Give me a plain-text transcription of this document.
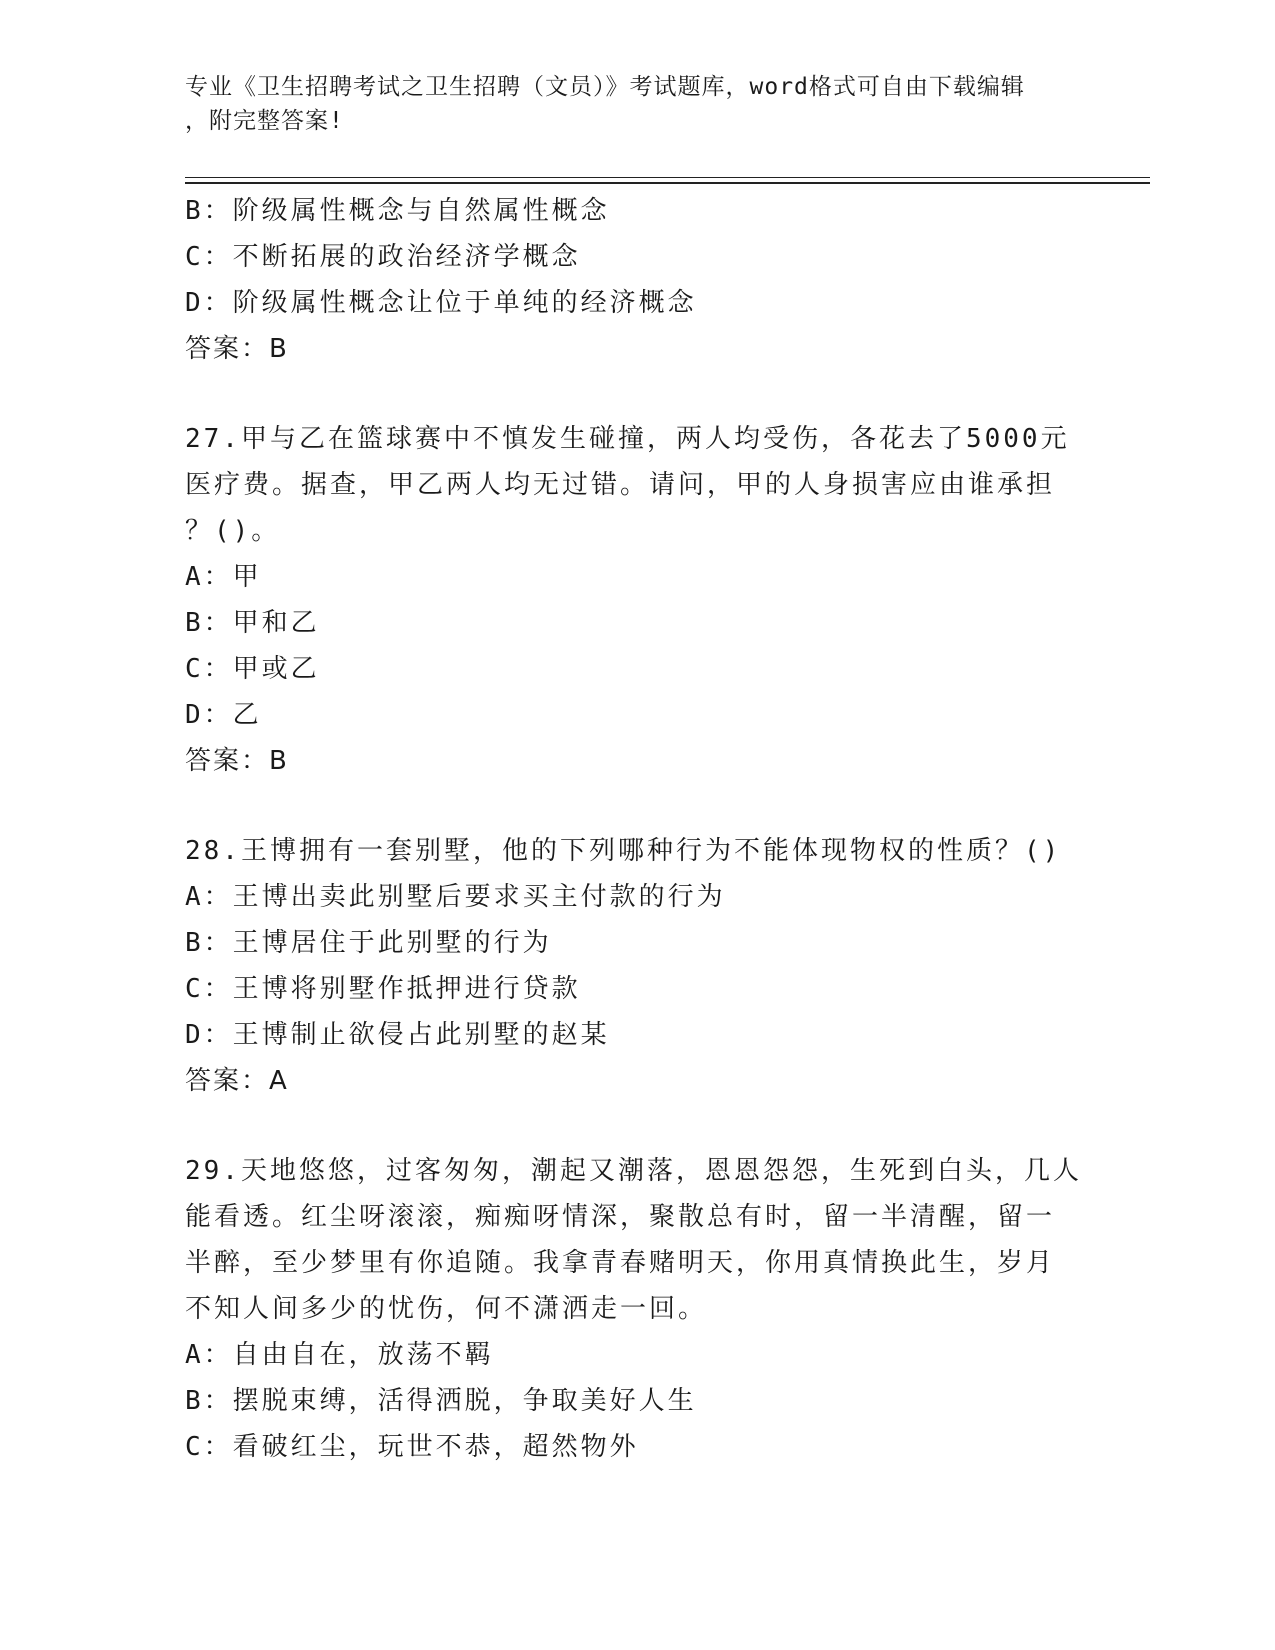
专业《卫生招聘考试之卫生招聘（文员）》考试题库，word格式可自由下载编辑
，附完整答案!
B：阶级属性概念与自然属性概念
C：不断拓展的政治经济学概念
D：阶级属性概念让位于单纯的经济概念
答案：B
27.甲与乙在篮球赛中不慎发生碰撞，两人均受伤，各花去了5000元
医疗费。据查，甲乙两人均无过错。请问，甲的人身损害应由谁承担
？()。
A：甲
B：甲和乙
C：甲或乙
D：乙
答案：B
28.王博拥有一套别墅，他的下列哪种行为不能体现物权的性质？()
A：王博出卖此别墅后要求买主付款的行为
B：王博居住于此别墅的行为
C：王博将别墅作抵押进行贷款
D：王博制止欲侵占此别墅的赵某
答案：A
29.天地悠悠，过客匆匆，潮起又潮落，恩恩怨怨，生死到白头，几人
能看透。红尘呀滚滚，痴痴呀情深，聚散总有时，留一半清醒，留一
半醉，至少梦里有你追随。我拿青春赌明天，你用真情换此生，岁月
不知人间多少的忧伤，何不潇洒走一回。
A：自由自在，放荡不羁
B：摆脱束缚，活得洒脱，争取美好人生
C：看破红尘，玩世不恭，超然物外
